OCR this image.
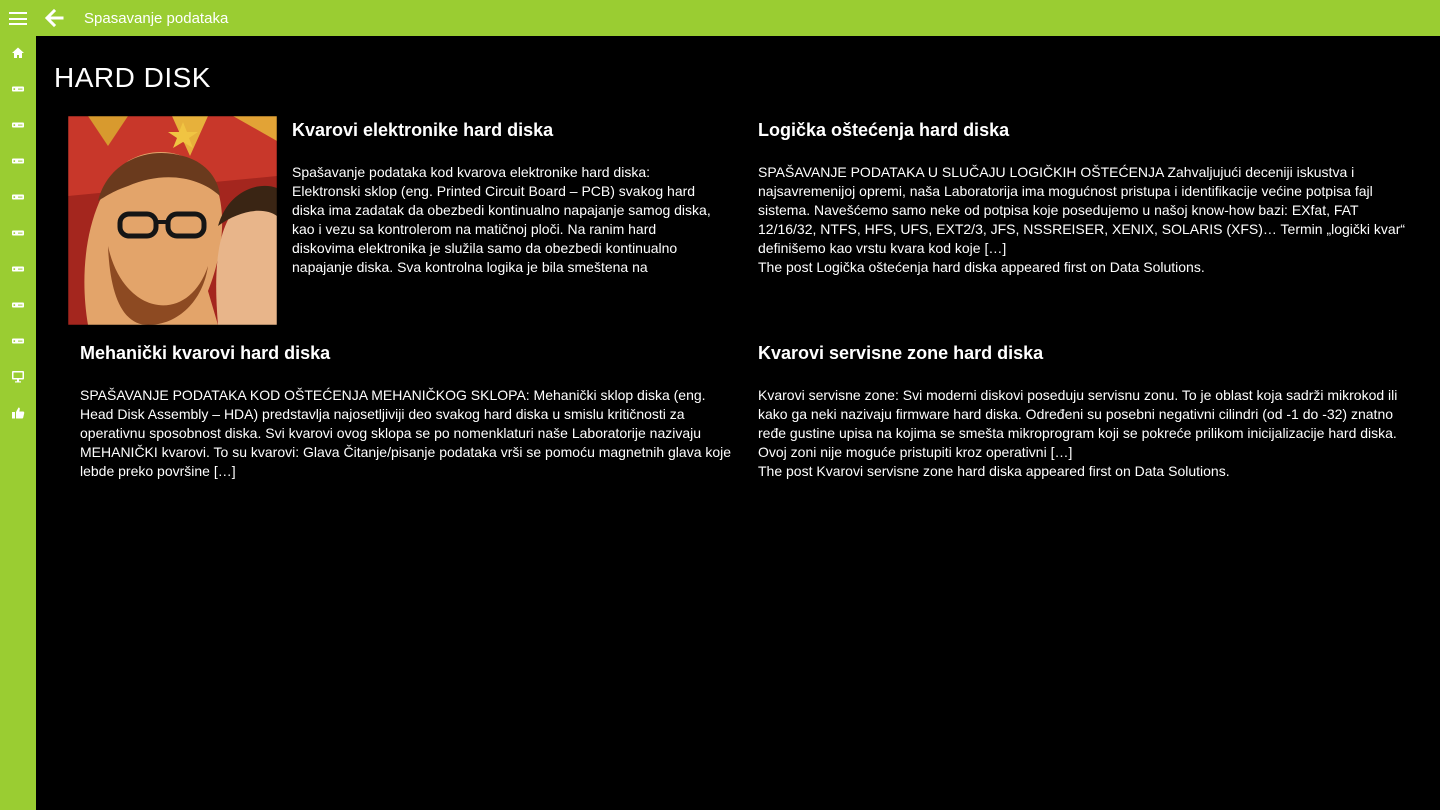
Spasavanje podataka
HARD DISK
Kvarovi elektronike hard diska

Spašavanje podataka kod kvarova elektronike hard diska: Elektronski sklop (eng. Printed Circuit Board – PCB) svakog hard diska ima zadatak da obezbedi kontinualno napajanje samog diska, kao i vezu sa kontrolerom na matičnoj ploči. Na ranim hard diskovima elektronika je služila samo da obezbedi kontinualno napajanje diska. Sva kontrolna logika je bila smeštena na

Logička oštećenja hard diska

SPAŠAVANJE PODATAKA U SLUČAJU LOGIČKIH OŠTEĆENJA Zahvaljujući deceniji iskustva i najsavremenijoj opremi, naša Laboratorija ima mogućnost pristupa i identifikacije većine potpisa fajl sistema. Navešćemo samo neke od potpisa koje posedujemo u našoj know-how bazi: EXfat, FAT 12/16/32, NTFS, HFS, UFS, EXT2/3, JFS, NSSREISER, XENIX, SOLARIS (XFS)… Termin „logički kvar“ definišemo kao vrstu kvara kod koje […]

The post Logička oštećenja hard diska appeared first on Data Solutions.

Mehanički kvarovi hard diska

SPAŠAVANJE PODATAKA KOD OŠTEĆENJA MEHANIČKOG SKLOPA: Mehanički sklop diska (eng. Head Disk Assembly – HDA) predstavlja najosetljiviji deo svakog hard diska u smislu kritičnosti za operativnu sposobnost diska. Svi kvarovi ovog sklopa se po nomenklaturi naše Laboratorije nazivaju MEHANIČKI kvarovi. To su kvarovi: Glava Čitanje/pisanje podataka vrši se pomoću magnetnih glava koje lebde preko površine […]

Kvarovi servisne zone hard diska

Kvarovi servisne zone: Svi moderni diskovi poseduju servisnu zonu. To je oblast koja sadrži mikrokod ili kako ga neki nazivaju firmware hard diska. Određeni su posebni negativni cilindri (od -1 do -32) znatno ređe gustine upisa na kojima se smešta mikroprogram koji se pokreće prilikom inicijalizacije hard diska. Ovoj zoni nije moguće pristupiti kroz operativni […]

The post Kvarovi servisne zone hard diska appeared first on Data Solutions.
